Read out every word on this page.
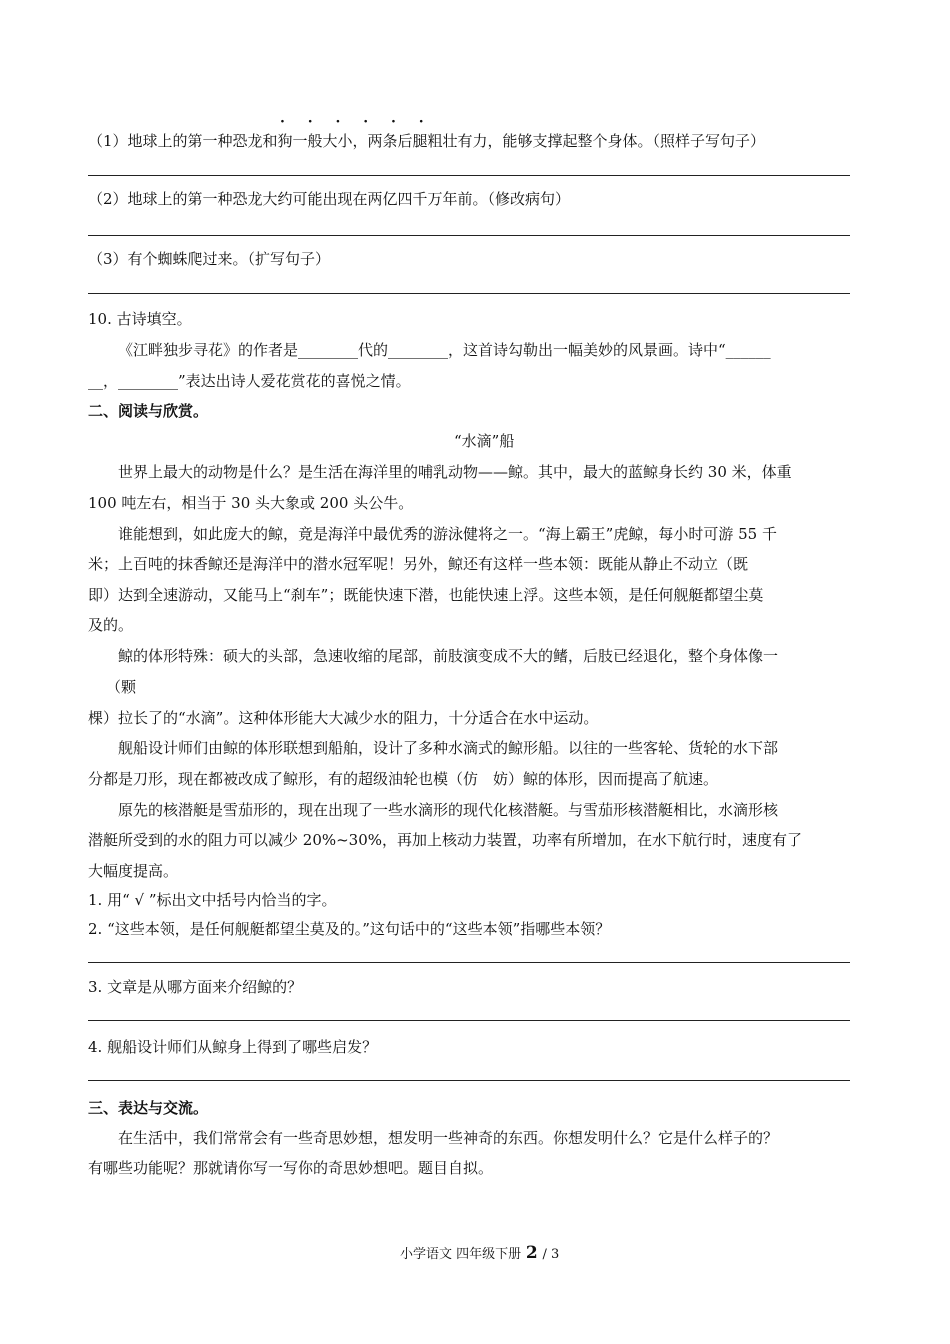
· · · · · ·
（1）地球上的第一种恐龙和狗一般大小，两条后腿粗壮有力，能够支撑起整个身体。（照样子写句子）
（2）地球上的第一种恐龙大约可能出现在两亿四千万年前。（修改病句）
（3）有个蜘蛛爬过来。（扩写句子）
10. 古诗填空。
《江畔独步寻花》的作者是________代的________，这首诗勾勒出一幅美妙的风景画。诗中“______
__，________”表达出诗人爱花赏花的喜悦之情。
二、阅读与欣赏。
“水滴”船
世界上最大的动物是什么？是生活在海洋里的哺乳动物——鲸。其中，最大的蓝鲸身长约 30 米，体重
100 吨左右，相当于 30 头大象或 200 头公牛。
谁能想到，如此庞大的鲸，竟是海洋中最优秀的游泳健将之一。“海上霸王”虎鲸，每小时可游 55 千
米；上百吨的抹香鲸还是海洋中的潜水冠军呢！另外，鲸还有这样一些本领：既能从静止不动立（既
即）达到全速游动，又能马上“刹车”；既能快速下潜，也能快速上浮。这些本领，是任何舰艇都望尘莫
及的。
鲸的体形特殊：硕大的头部，急速收缩的尾部，前肢演变成不大的鳍，后肢已经退化，整个身体像一
（颗
棵）拉长了的“水滴”。这种体形能大大减少水的阻力，十分适合在水中运动。
舰船设计师们由鲸的体形联想到船舶，设计了多种水滴式的鲸形船。以往的一些客轮、货轮的水下部
分都是刀形，现在都被改成了鲸形，有的超级油轮也模（仿　妨）鲸的体形，因而提高了航速。
原先的核潜艇是雪茄形的，现在出现了一些水滴形的现代化核潜艇。与雪茄形核潜艇相比，水滴形核
潜艇所受到的水的阻力可以减少 20%~30%，再加上核动力装置，功率有所增加，在水下航行时，速度有了
大幅度提高。
1. 用“ √ ”标出文中括号内恰当的字。
2. “这些本领，是任何舰艇都望尘莫及的。”这句话中的“这些本领”指哪些本领？
3. 文章是从哪方面来介绍鲸的？
4. 舰船设计师们从鲸身上得到了哪些启发？
三、表达与交流。
在生活中，我们常常会有一些奇思妙想，想发明一些神奇的东西。你想发明什么？它是什么样子的？
有哪些功能呢？那就请你写一写你的奇思妙想吧。题目自拟。
小学语文 四年级下册 2 / 3
